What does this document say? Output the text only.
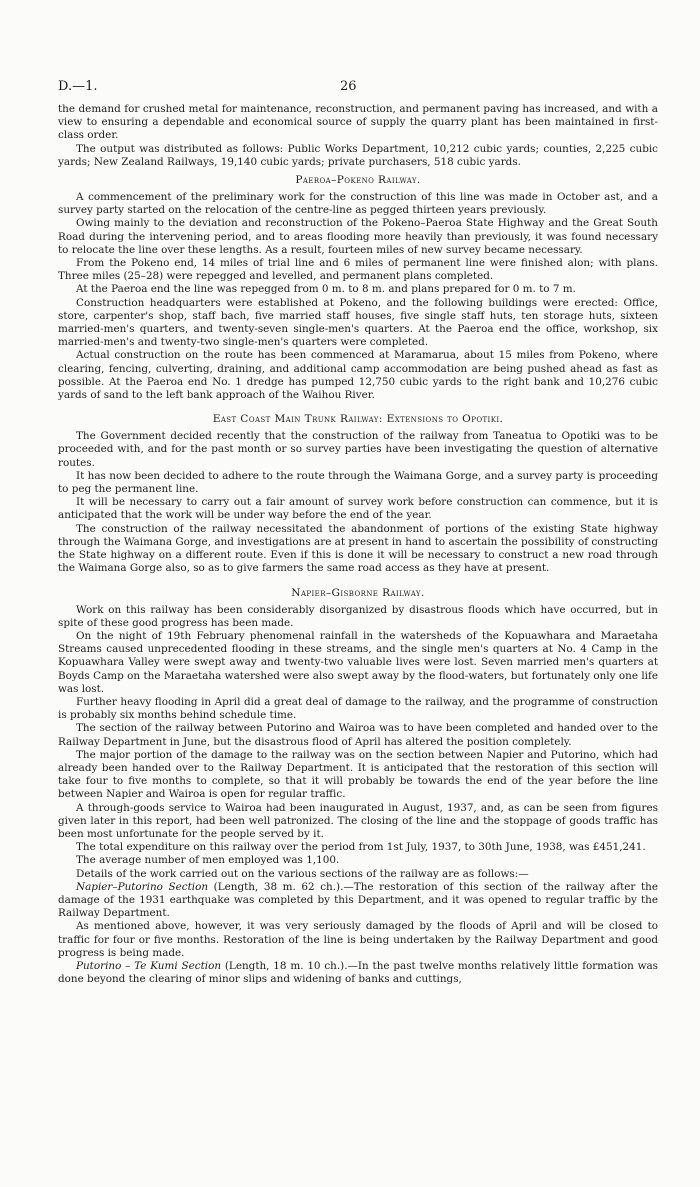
D.—1.	26

the demand for crushed metal for maintenance, reconstruction, and permanent paving has increased, and with a view to ensuring a dependable and economical source of supply the quarry plant has been maintained in first-class order.

The output was distributed as follows: Public Works Department, 10,212 cubic yards; counties, 2,225 cubic yards; New Zealand Railways, 19,140 cubic yards; private purchasers, 518 cubic yards.

Paeroa–Pokeno Railway.

A commencement of the preliminary work for the construction of this line was made in October ast, and a survey party started on the relocation of the centre-line as pegged thirteen years previously.

Owing mainly to the deviation and reconstruction of the Pokeno–Paeroa State Highway and the Great South Road during the intervening period, and to areas flooding more heavily than previously, it was found necessary to relocate the line over these lengths. As a result, fourteen miles of new survey became necessary.

From the Pokeno end, 14 miles of trial line and 6 miles of permanent line were finished alon; with plans. Three miles (25–28) were repegged and levelled, and permanent plans completed.

At the Paeroa end the line was repegged from 0 m. to 8 m. and plans prepared for 0 m. to 7 m.

Construction headquarters were established at Pokeno, and the following buildings were erected: Office, store, carpenter's shop, staff bach, five married staff houses, five single staff huts, ten storage huts, sixteen married-men's quarters, and twenty-seven single-men's quarters. At the Paeroa end the office, workshop, six married-men's and twenty-two single-men's quarters were completed.

Actual construction on the route has been commenced at Maramarua, about 15 miles from Pokeno, where clearing, fencing, culverting, draining, and additional camp accommodation are being pushed ahead as fast as possible. At the Paeroa end No. 1 dredge has pumped 12,750 cubic yards to the right bank and 10,276 cubic yards of sand to the left bank approach of the Waihou River.

East Coast Main Trunk Railway: Extensions to Opotiki.

The Government decided recently that the construction of the railway from Taneatua to Opotiki was to be proceeded with, and for the past month or so survey parties have been investigating the question of alternative routes.

It has now been decided to adhere to the route through the Waimana Gorge, and a survey party is proceeding to peg the permanent line.

It will be necessary to carry out a fair amount of survey work before construction can commence, but it is anticipated that the work will be under way before the end of the year.

The construction of the railway necessitated the abandonment of portions of the existing State highway through the Waimana Gorge, and investigations are at present in hand to ascertain the possibility of constructing the State highway on a different route. Even if this is done it will be necessary to construct a new road through the Waimana Gorge also, so as to give farmers the same road access as they have at present.

Napier–Gisborne Railway.

Work on this railway has been considerably disorganized by disastrous floods which have occurred, but in spite of these good progress has been made.

On the night of 19th February phenomenal rainfall in the watersheds of the Kopuawhara and Maraetaha Streams caused unprecedented flooding in these streams, and the single men's quarters at No. 4 Camp in the Kopuawhara Valley were swept away and twenty-two valuable lives were lost. Seven married men's quarters at Boyds Camp on the Maraetaha watershed were also swept away by the flood-waters, but fortunately only one life was lost.

Further heavy flooding in April did a great deal of damage to the railway, and the programme of construction is probably six months behind schedule time.

The section of the railway between Putorino and Wairoa was to have been completed and handed over to the Railway Department in June, but the disastrous flood of April has altered the position completely.

The major portion of the damage to the railway was on the section between Napier and Putorino, which had already been handed over to the Railway Department. It is anticipated that the restoration of this section will take four to five months to complete, so that it will probably be towards the end of the year before the line between Napier and Wairoa is open for regular traffic.

A through-goods service to Wairoa had been inaugurated in August, 1937, and, as can be seen from figures given later in this report, had been well patronized. The closing of the line and the stoppage of goods traffic has been most unfortunate for the people served by it.

The total expenditure on this railway over the period from 1st July, 1937, to 30th June, 1938, was £451,241.

The average number of men employed was 1,100.

Details of the work carried out on the various sections of the railway are as follows:—

Napier–Putorino Section (Length, 38 m. 62 ch.).—The restoration of this section of the railway after the damage of the 1931 earthquake was completed by this Department, and it was opened to regular traffic by the Railway Department.

As mentioned above, however, it was very seriously damaged by the floods of April and will be closed to traffic for four or five months. Restoration of the line is being undertaken by the Railway Department and good progress is being made.

Putorino – Te Kumi Section (Length, 18 m. 10 ch.).—In the past twelve months relatively little formation was done beyond the clearing of minor slips and widening of banks and cuttings,
